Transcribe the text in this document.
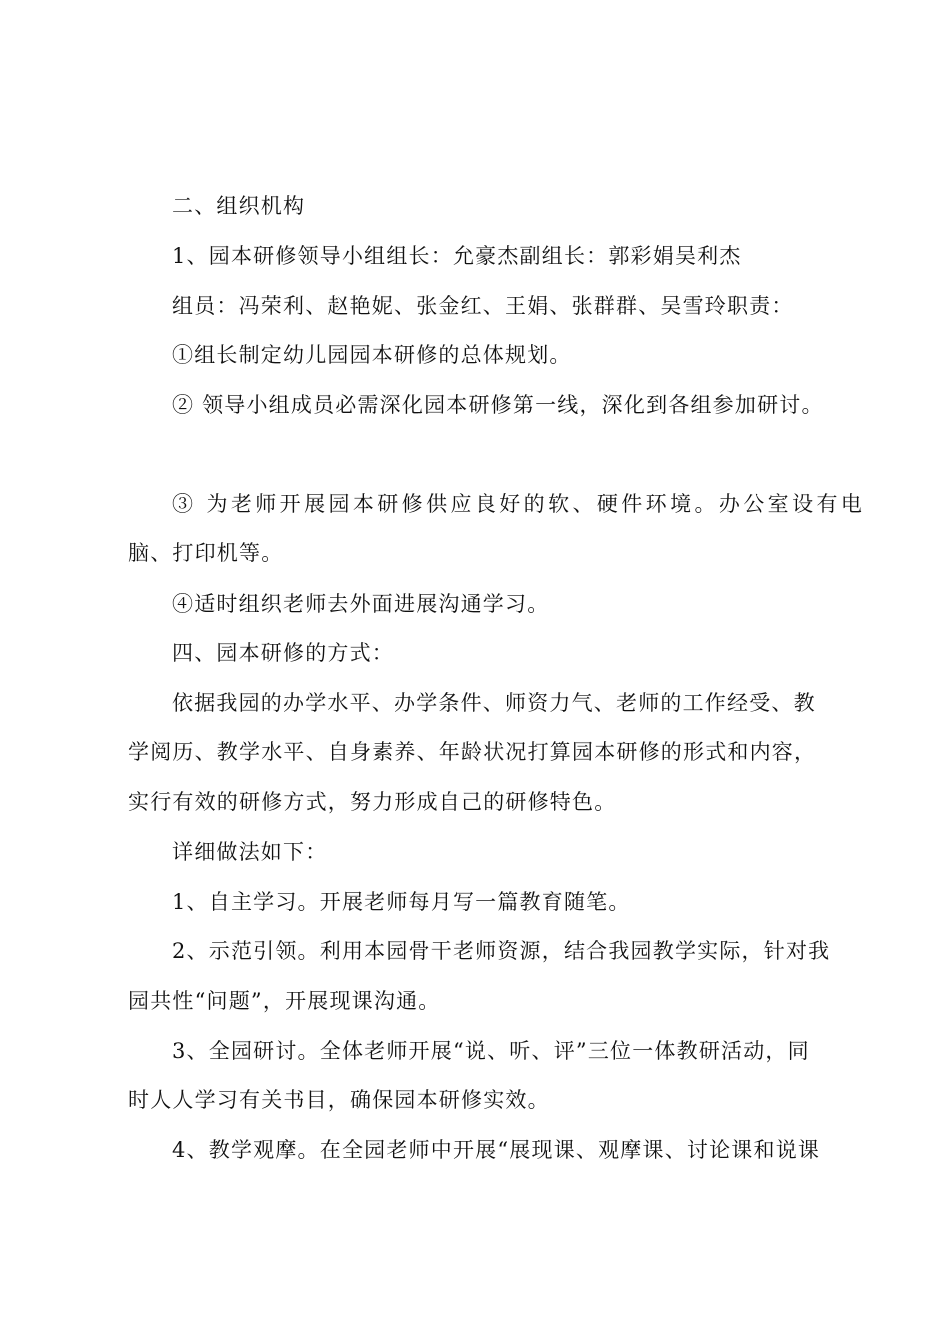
二、组织机构
1、园本研修领导小组组长：允豪杰副组长：郭彩娟吴利杰
组员：冯荣利、赵艳妮、张金红、王娟、张群群、吴雪玲职责：
①组长制定幼儿园园本研修的总体规划。
② 领导小组成员必需深化园本研修第一线，深化到各组参加研讨。
③ 为老师开展园本研修供应良好的软、硬件环境。办公室设有电
脑、打印机等。
④适时组织老师去外面进展沟通学习。
四、园本研修的方式：
依据我园的办学水平、办学条件、师资力气、老师的工作经受、教
学阅历、教学水平、自身素养、年龄状况打算园本研修的形式和内容，
实行有效的研修方式，努力形成自己的研修特色。
详细做法如下：
1、自主学习。开展老师每月写一篇教育随笔。
2、示范引领。利用本园骨干老师资源，结合我园教学实际，针对我
园共性“问题”，开展现课沟通。
3、全园研讨。全体老师开展“说、听、评”三位一体教研活动，同
时人人学习有关书目，确保园本研修实效。
4、教学观摩。在全园老师中开展“展现课、观摩课、讨论课和说课
